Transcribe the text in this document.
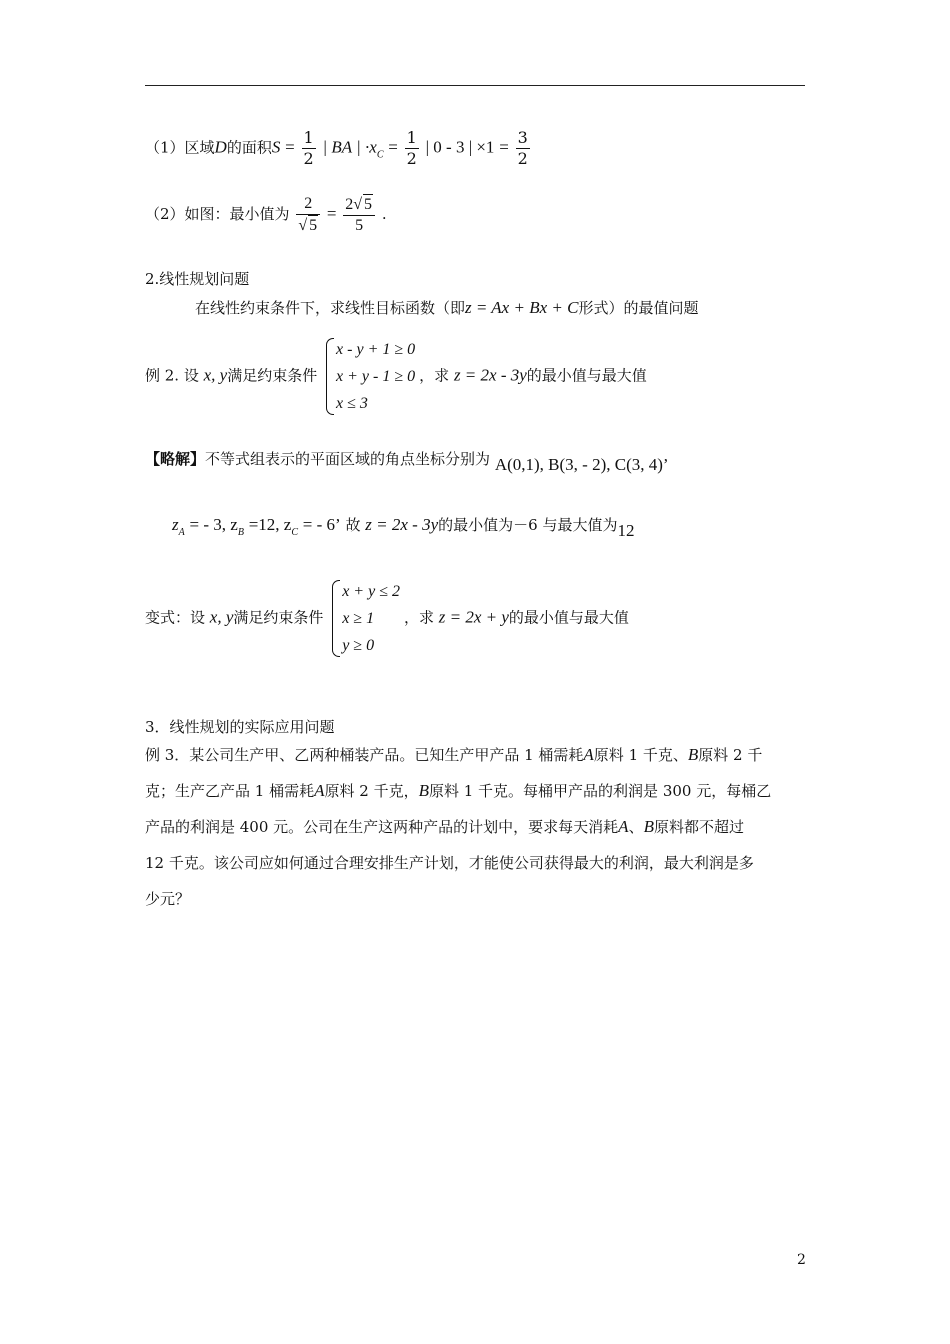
（1）区域D的面积$S = \frac{1}{2}$ | BA | $\cdot x_C = \frac{1}{2}$ | 0 - 3 | $\times 1 = \frac{3}{2}$
（2）如图：最小值为 $\frac{2}{√ 5} = \frac{2√ 5}{5}$ .
2.线性规划问题
在线性约束条件下，求线性目标函数（即z = Ax + Bx + C形式）的最值问题
例 2. 设 x, y满足约束条件
x - y + 1 ≥ 0
x + y - 1 ≥ 0
x ≤ 3
，求 z = 2x - 3y的最小值与最大值
【略解】不等式组表示的平面区域的角点坐标分别为 A(0,1), B(3, - 2), C(3, 4)’
$z_A$ = - 3, $z_B =12$, $z_C$ = - 6’ 故 z = 2x - 3y的最小值为－6 与最大值为12
变式：设 x, y满足约束条件
x + y ≤ 2
x ≥ 1
y ≥ 0
，求 z = 2x + y的最小值与最大值
3．线性规划的实际应用问题
例 3．某公司生产甲、乙两种桶装产品。已知生产甲产品 1 桶需耗A原料 1 千克、B原料 2 千
克；生产乙产品 1 桶需耗A原料 2 千克，B原料 1 千克。每桶甲产品的利润是 300 元，每桶乙
产品的利润是 400 元。公司在生产这两种产品的计划中，要求每天消耗A、B原料都不超过
12 千克。该公司应如何通过合理安排生产计划，才能使公司获得最大的利润，最大利润是多
少元？
2
